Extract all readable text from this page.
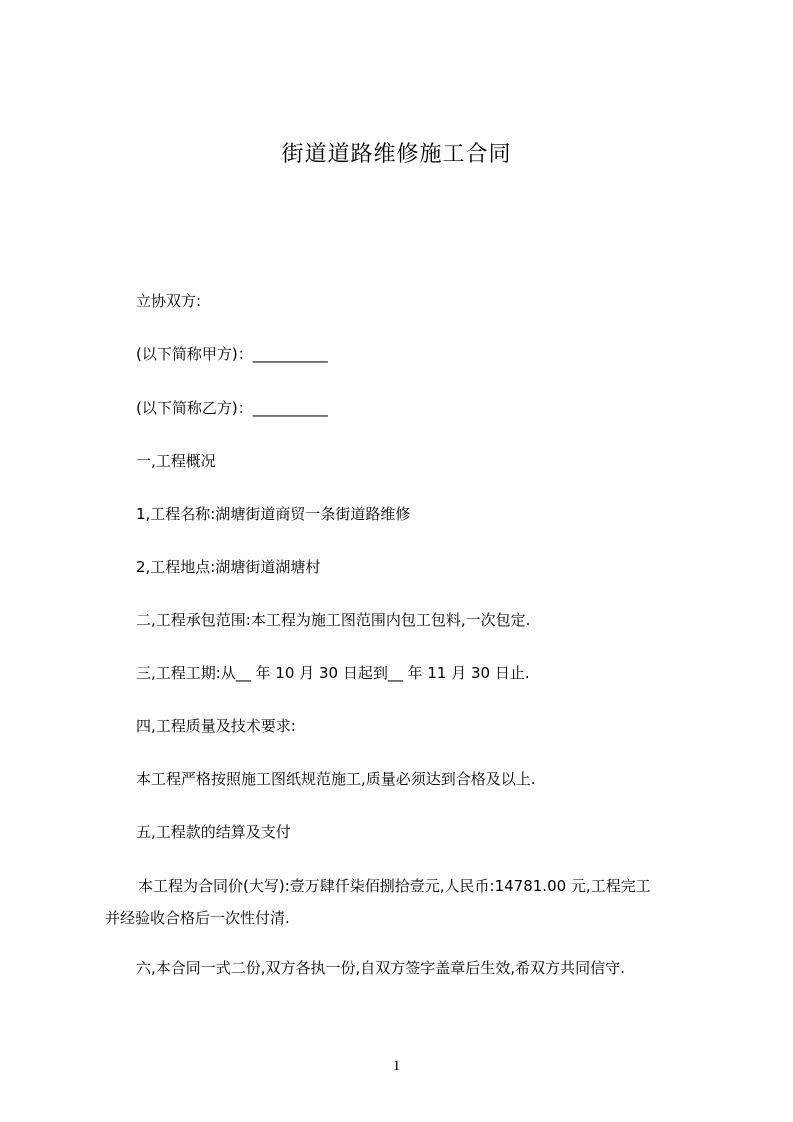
街道道路维修施工合同
立协双方:
(以下简称甲方)：__________
(以下简称乙方)：__________
一,工程概况
1,工程名称:湖塘街道商贸一条街道路维修
2,工程地点:湖塘街道湖塘村
二,工程承包范围:本工程为施工图范围内包工包料,一次包定.
三,工程工期:从__ 年 10 月 30 日起到__ 年 11 月 30 日止.
四,工程质量及技术要求:
本工程严格按照施工图纸规范施工,质量必须达到合格及以上.
五,工程款的结算及支付
本工程为合同价(大写):壹万肆仟柒佰捌拾壹元,人民币:14781.00 元,工程完工
并经验收合格后一次性付清.
六,本合同一式二份,双方各执一份,自双方签字盖章后生效,希双方共同信守.
1
